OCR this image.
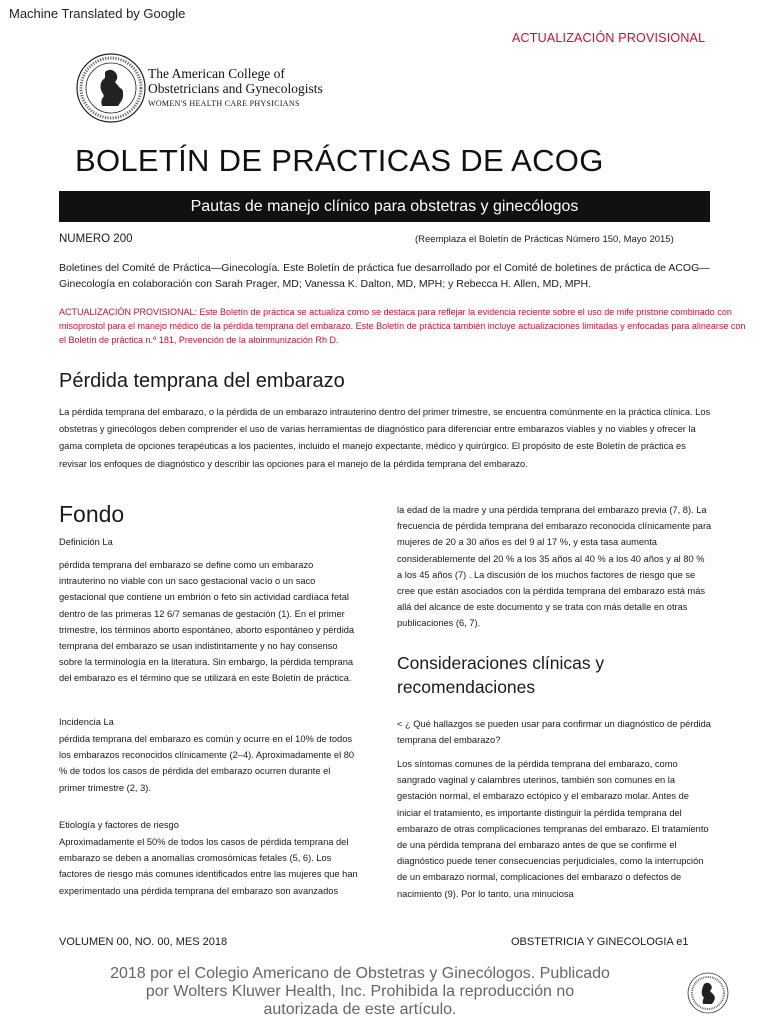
Machine Translated by Google
ACTUALIZACIÓN PROVISIONAL
The American College of
Obstetricians and Gynecologists
WOMEN'S HEALTH CARE PHYSICIANS
BOLETÍN DE PRÁCTICAS DE ACOG
Pautas de manejo clínico para obstetras y ginecólogos
NUMERO 200	(Reemplaza el Boletín de Prácticas Número 150, Mayo 2015)
Boletines del Comité de Práctica—Ginecología. Este Boletín de práctica fue desarrollado por el Comité de boletines de práctica de ACOG—Ginecología en colaboración con Sarah Prager, MD; Vanessa K. Dalton, MD, MPH; y Rebecca H. Allen, MD, MPH.
ACTUALIZACIÓN PROVISIONAL: Este Boletín de práctica se actualiza como se destaca para reflejar la evidencia reciente sobre el uso de mife pristone combinado con misoprostol para el manejo médico de la pérdida temprana del embarazo. Este Boletín de práctica también incluye actualizaciones limitadas y enfocadas para alinearse con el Boletín de práctica n.º 181, Prevención de la aloinmunización Rh D.
Pérdida temprana del embarazo
La pérdida temprana del embarazo, o la pérdida de un embarazo intrauterino dentro del primer trimestre, se encuentra comúnmente en la práctica clínica. Los obstetras y ginecólogos deben comprender el uso de varias herramientas de diagnóstico para diferenciar entre embarazos viables y no viables y ofrecer la gama completa de opciones terapéuticas a los pacientes, incluido el manejo expectante, médico y quirúrgico. El propósito de este Boletín de práctica es revisar los enfoques de diagnóstico y describir las opciones para el manejo de la pérdida temprana del embarazo.
Fondo
Definición La
pérdida temprana del embarazo se define como un embarazo intrauterino no viable con un saco gestacional vacío o un saco gestacional que contiene un embrión o feto sin actividad cardíaca fetal dentro de las primeras 12 6/7 semanas de gestación (1). En el primer trimestre, los términos aborto espontáneo, aborto espontáneo y pérdida temprana del embarazo se usan indistintamente y no hay consenso sobre la terminología en la literatura. Sin embargo, la pérdida temprana del embarazo es el término que se utilizará en este Boletín de práctica.
Incidencia La
pérdida temprana del embarazo es común y ocurre en el 10% de todos los embarazos reconocidos clínicamente (2–4). Aproximadamente el 80 % de todos los casos de pérdida del embarazo ocurren durante el primer trimestre (2, 3).
Etiología y factores de riesgo
Aproximadamente el 50% de todos los casos de pérdida temprana del embarazo se deben a anomalías cromosómicas fetales (5, 6). Los factores de riesgo más comunes identificados entre las mujeres que han experimentado una pérdida temprana del embarazo son avanzados
la edad de la madre y una pérdida temprana del embarazo previa (7, 8). La frecuencia de pérdida temprana del embarazo reconocida clínicamente para mujeres de 20 a 30 años es del 9 al 17 %, y esta tasa aumenta considerablemente del 20 % a los 35 años al 40 % a los 40 años y al 80 % a los 45 años (7) . La discusión de los muchos factores de riesgo que se cree que están asociados con la pérdida temprana del embarazo está más allá del alcance de este documento y se trata con más detalle en otras publicaciones (6, 7).
Consideraciones clínicas y recomendaciones
< ¿ Qué hallazgos se pueden usar para confirmar un diagnóstico de pérdida temprana del embarazo?
Los síntomas comunes de la pérdida temprana del embarazo, como sangrado vaginal y calambres uterinos, también son comunes en la gestación normal, el embarazo ectópico y el embarazo molar. Antes de iniciar el tratamiento, es importante distinguir la pérdida temprana del embarazo de otras complicaciones tempranas del embarazo. El tratamiento de una pérdida temprana del embarazo antes de que se confirme el diagnóstico puede tener consecuencias perjudiciales, como la interrupción de un embarazo normal, complicaciones del embarazo o defectos de nacimiento (9). Por lo tanto, una minuciosa
VOLUMEN 00, NO. 00, MES 2018	OBSTETRICIA Y GINECOLOGIA e1
2018 por el Colegio Americano de Obstetras y Ginecólogos. Publicado por Wolters Kluwer Health, Inc. Prohibida la reproducción no autorizada de este artículo.
